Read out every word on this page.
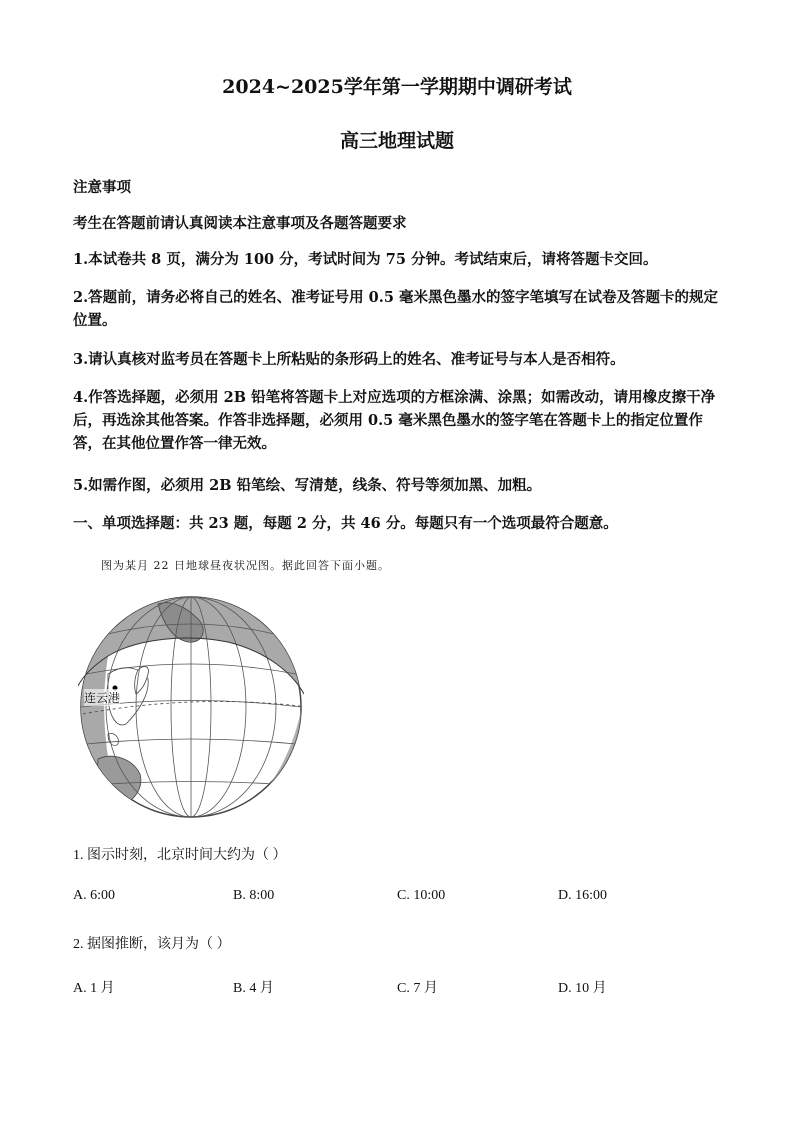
2024~2025学年第一学期期中调研考试
高三地理试题
注意事项
考生在答题前请认真阅读本注意事项及各题答题要求
1.本试卷共 8 页，满分为 100 分，考试时间为 75 分钟。考试结束后，请将答题卡交回。
2.答题前，请务必将自己的姓名、准考证号用 0.5 毫米黑色墨水的签字笔填写在试卷及答题卡的规定位置。
3.请认真核对监考员在答题卡上所粘贴的条形码上的姓名、准考证号与本人是否相符。
4.作答选择题，必须用 2B 铅笔将答题卡上对应选项的方框涂满、涂黑；如需改动，请用橡皮擦干净后，再选涂其他答案。作答非选择题，必须用 0.5 毫米黑色墨水的签字笔在答题卡上的指定位置作答，在其他位置作答一律无效。
5.如需作图，必须用 2B 铅笔绘、写清楚，线条、符号等须加黑、加粗。
一、单项选择题：共 23 题，每题 2 分，共 46 分。每题只有一个选项最符合题意。
图为某月 22 日地球昼夜状况图。据此回答下面小题。
连云港
1. 图示时刻，北京时间大约为（ ）
A. 6:00	B. 8:00	C. 10:00	D. 16:00
2. 据图推断，该月为（ ）
A. 1 月	B. 4 月	C. 7 月	D. 10 月
